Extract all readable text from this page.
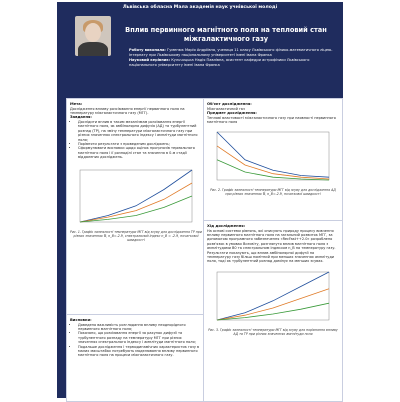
Львівська обласна Мала академія наук учнівської молоді
Вплив первинного магнітного поля на тепловий стан міжгалактичного газу
Роботу виконала: Гуменюк Марія Андріївна, учениця 11 класу Львівського фізико-математичного ліцею-інтернату при Львівському національному університеті імені Івана Франка
Науковий керівник: Кульчицька Надія Павлівна, асистент кафедри астрофізики Львівського національного університету імені Івана Франка
Мета:

Дослідження впливу розсіювання енергії первинного поля на температуру міжгалактичного газу (МГГ).

Завдання:
• Дослідити вплив в таким механізмам розсіювання енергії магнітного поля, як амбіполярна дифузія (АД) та турбулентний розпад (ТР), на зміну температури міжгалактичного газу при різних значеннях спектрального індексу і амплітуди магнітного поля;
• Порівняти результати з проведеним досліджень;
• Сформулювати висновки щодо оцінок прогрнозів термального магнітного поля і її розподілі стан та значення в 0-м стадії віддалених досліджень.

Рис. 1. Графік залежності температури МГГ від зсуву для дослідження ТР при різних значеннях Ɓ, n_B=-2.9, спектральний індекс n_B = -2.9, початкової швидкості

Висновки:
• Доведено важливість розглядання впливу неоднорідного первинного магнітного поля;
• Показано, що розсіювання енергії за рахунок дифузії та турбулентного розпаду на температуру МГГ при різних значеннях спектрального індексу і амплітуди магнітного поля;
• Подальше дослідження і термодинамічних характеристик газу в малих масштабах потребують моделювання впливу первинного магнітного поля на процеси міжгалактичного газу.
Об'єкт дослідження:

Міжгалактичний газ

Предмет дослідження:

Теплові властивості міжгалактичного газу при наявності первинного магнітного поля

Рис. 2. Графік залежності температури МГГ від зсуву для дослідження АД при різних значеннях Ɓ, n_B=-2.9, початкової швидкості

Хід дослідження:

На основі системи рівнянь, які описують природу процесу вивчення впливу первинного магнітного поля на загальний розвиток МГГ, за допомогою програмного забезпечення «RecFast++2.0» розроблено розв'язок в умовах Всесвіту, розглянуто вплив магнітного поля з амплітудами В0 та спектральним індексом n_B на температуру газу. Результати показують, що вплив амбіполярної дифузії на температуру газу більш помітний при менших значеннях амплітуди поля, тоді як турбулентний розпад домінує на менших зсувах.

Рис. 3. Графік залежності температури МГГ від зсуву для порівняння впливу АД та ТР при різних значеннях амплітуди поля
